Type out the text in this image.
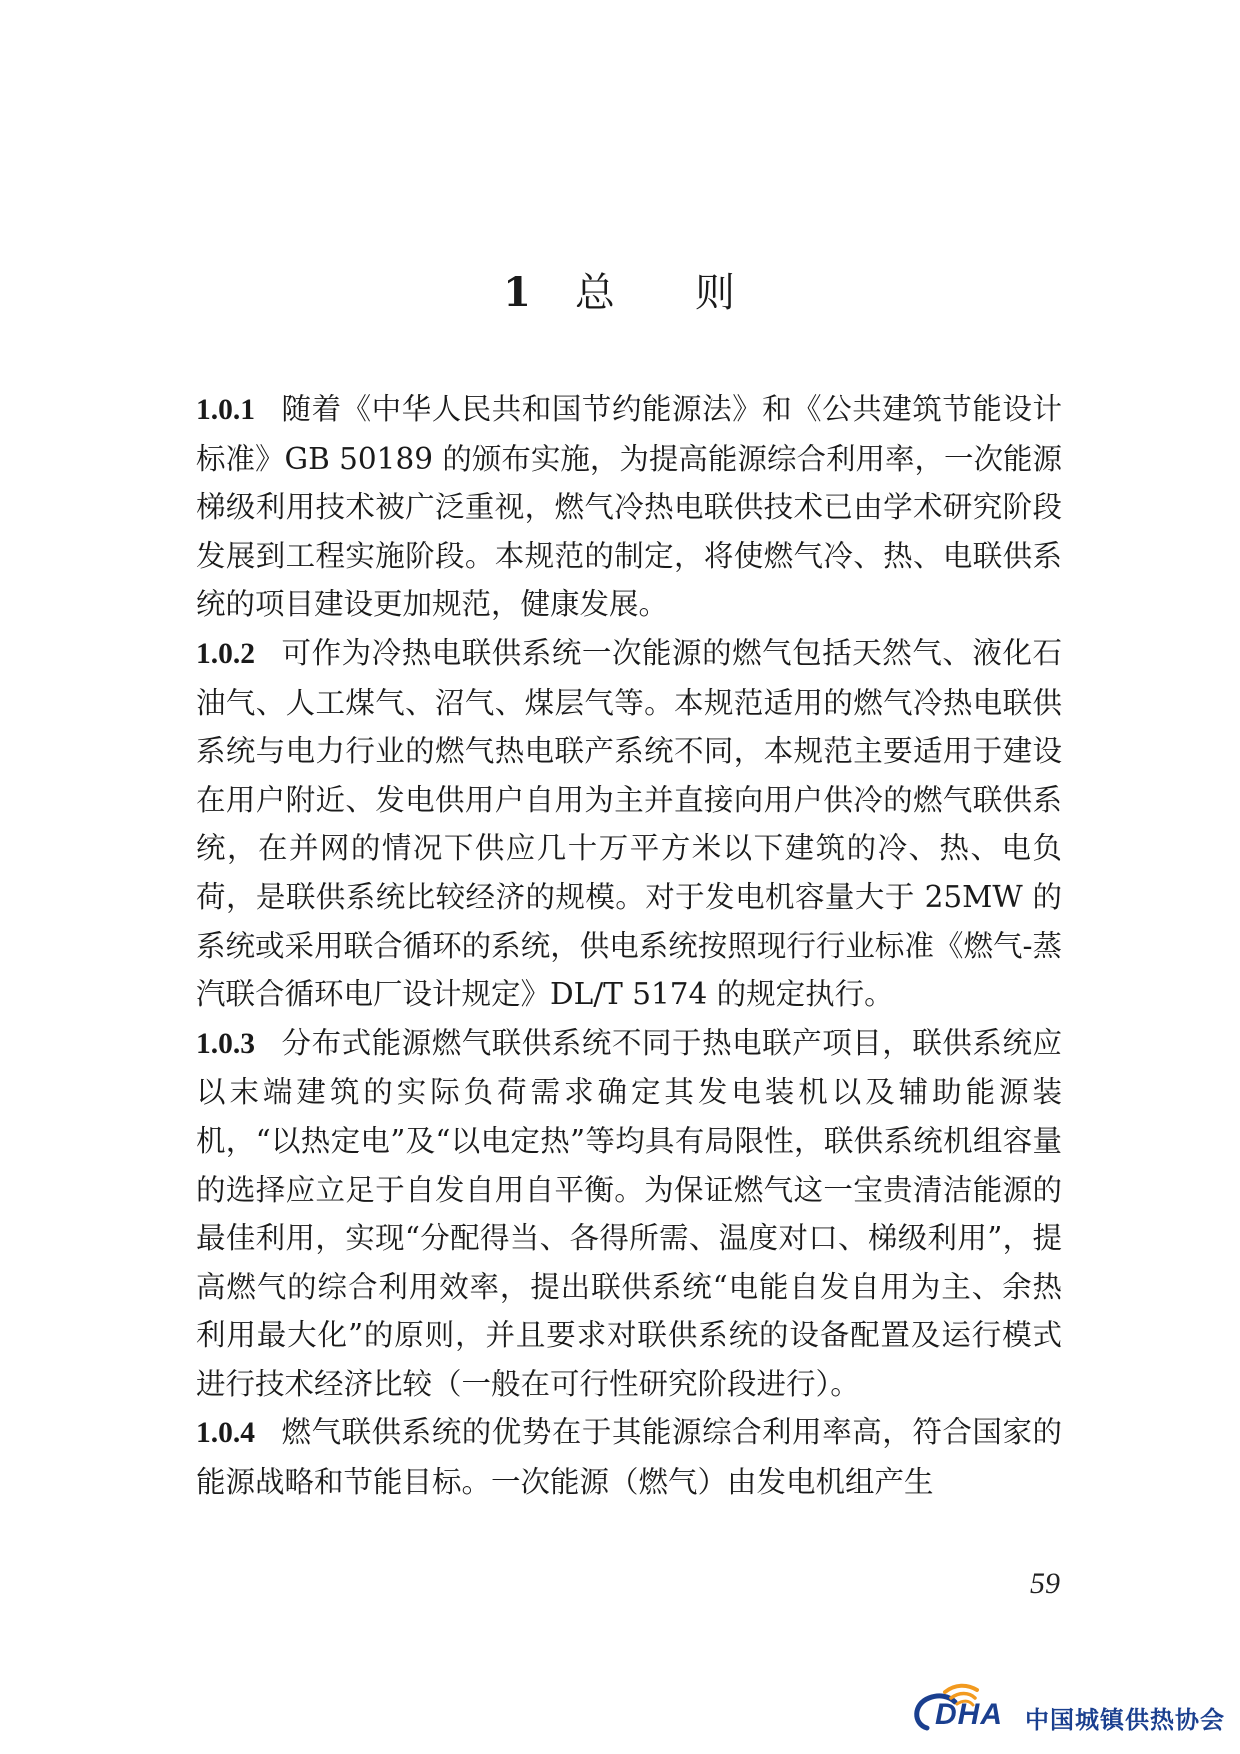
1 总 则

1.0.1 随着《中华人民共和国节约能源法》和《公共建筑节能设计标准》GB 50189 的颁布实施，为提高能源综合利用率，一次能源梯级利用技术被广泛重视，燃气冷热电联供技术已由学术研究阶段发展到工程实施阶段。本规范的制定，将使燃气冷、热、电联供系统的项目建设更加规范，健康发展。

1.0.2 可作为冷热电联供系统一次能源的燃气包括天然气、液化石油气、人工煤气、沼气、煤层气等。本规范适用的燃气冷热电联供系统与电力行业的燃气热电联产系统不同，本规范主要适用于建设在用户附近、发电供用户自用为主并直接向用户供冷的燃气联供系统，在并网的情况下供应几十万平方米以下建筑的冷、热、电负荷，是联供系统比较经济的规模。对于发电机容量大于 25MW 的系统或采用联合循环的系统，供电系统按照现行行业标准《燃气-蒸汽联合循环电厂设计规定》DL/T 5174 的规定执行。

1.0.3 分布式能源燃气联供系统不同于热电联产项目，联供系统应以末端建筑的实际负荷需求确定其发电装机以及辅助能源装机，“以热定电”及“以电定热”等均具有局限性，联供系统机组容量的选择应立足于自发自用自平衡。为保证燃气这一宝贵清洁能源的最佳利用，实现“分配得当、各得所需、温度对口、梯级利用”，提高燃气的综合利用效率，提出联供系统“电能自发自用为主、余热利用最大化”的原则，并且要求对联供系统的设备配置及运行模式进行技术经济比较（一般在可行性研究阶段进行）。

1.0.4 燃气联供系统的优势在于其能源综合利用率高，符合国家的能源战略和节能目标。一次能源（燃气）由发电机组产生

59
DHA 中国城镇供热协会
